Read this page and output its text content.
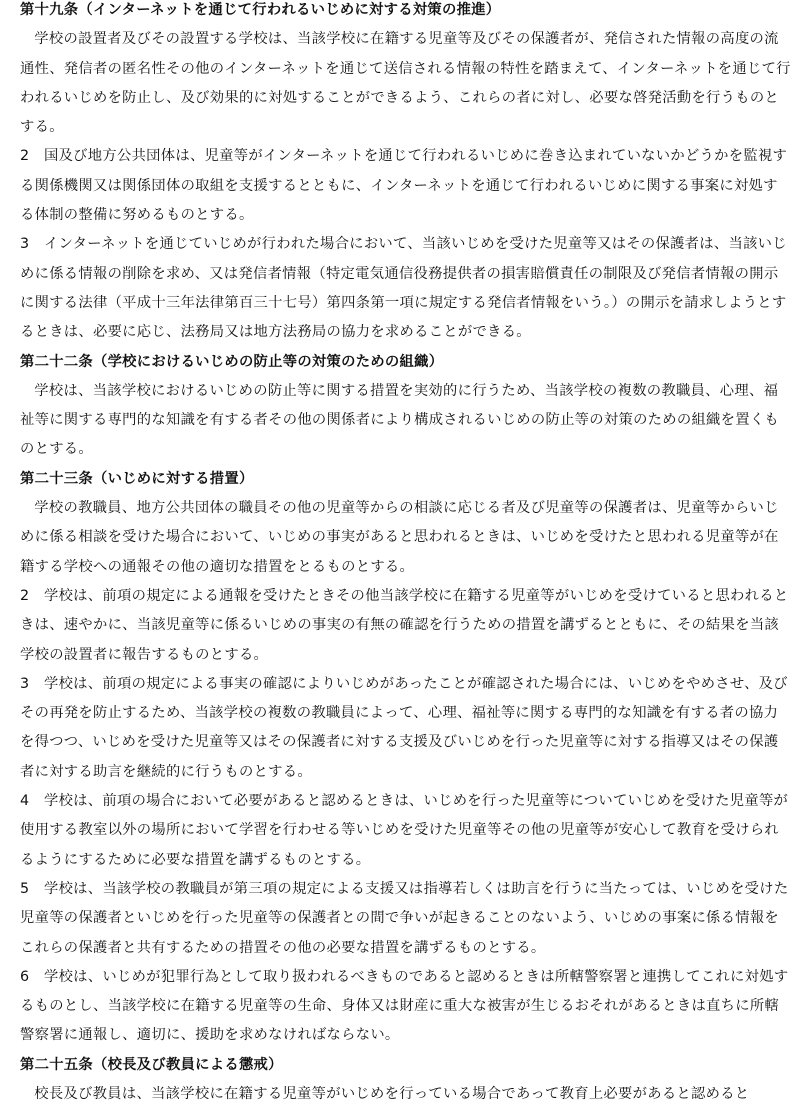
第十九条（インターネットを通じて行われるいじめに対する対策の推進）

学校の設置者及びその設置する学校は、当該学校に在籍する児童等及びその保護者が、発信された情報の高度の流通性、発信者の匿名性その他のインターネットを通じて送信される情報の特性を踏まえて、インターネットを通じて行われるいじめを防止し、及び効果的に対処することができるよう、これらの者に対し、必要な啓発活動を行うものとする。

2　国及び地方公共団体は、児童等がインターネットを通じて行われるいじめに巻き込まれていないかどうかを監視する関係機関又は関係団体の取組を支援するとともに、インターネットを通じて行われるいじめに関する事案に対処する体制の整備に努めるものとする。

3　インターネットを通じていじめが行われた場合において、当該いじめを受けた児童等又はその保護者は、当該いじめに係る情報の削除を求め、又は発信者情報（特定電気通信役務提供者の損害賠償責任の制限及び発信者情報の開示に関する法律（平成十三年法律第百三十七号）第四条第一項に規定する発信者情報をいう。）の開示を請求しようとするときは、必要に応じ、法務局又は地方法務局の協力を求めることができる。

第二十二条（学校におけるいじめの防止等の対策のための組織）

学校は、当該学校におけるいじめの防止等に関する措置を実効的に行うため、当該学校の複数の教職員、心理、福祉等に関する専門的な知識を有する者その他の関係者により構成されるいじめの防止等の対策のための組織を置くものとする。

第二十三条（いじめに対する措置）

学校の教職員、地方公共団体の職員その他の児童等からの相談に応じる者及び児童等の保護者は、児童等からいじめに係る相談を受けた場合において、いじめの事実があると思われるときは、いじめを受けたと思われる児童等が在籍する学校への通報その他の適切な措置をとるものとする。

2　学校は、前項の規定による通報を受けたときその他当該学校に在籍する児童等がいじめを受けていると思われるときは、速やかに、当該児童等に係るいじめの事実の有無の確認を行うための措置を講ずるとともに、その結果を当該学校の設置者に報告するものとする。

3　学校は、前項の規定による事実の確認によりいじめがあったことが確認された場合には、いじめをやめさせ、及びその再発を防止するため、当該学校の複数の教職員によって、心理、福祉等に関する専門的な知識を有する者の協力を得つつ、いじめを受けた児童等又はその保護者に対する支援及びいじめを行った児童等に対する指導又はその保護者に対する助言を継続的に行うものとする。

4　学校は、前項の場合において必要があると認めるときは、いじめを行った児童等についていじめを受けた児童等が使用する教室以外の場所において学習を行わせる等いじめを受けた児童等その他の児童等が安心して教育を受けられるようにするために必要な措置を講ずるものとする。

5　学校は、当該学校の教職員が第三項の規定による支援又は指導若しくは助言を行うに当たっては、いじめを受けた児童等の保護者といじめを行った児童等の保護者との間で争いが起きることのないよう、いじめの事案に係る情報をこれらの保護者と共有するための措置その他の必要な措置を講ずるものとする。

6　学校は、いじめが犯罪行為として取り扱われるべきものであると認めるときは所轄警察署と連携してこれに対処するものとし、当該学校に在籍する児童等の生命、身体又は財産に重大な被害が生じるおそれがあるときは直ちに所轄警察署に通報し、適切に、援助を求めなければならない。

第二十五条（校長及び教員による懲戒）

校長及び教員は、当該学校に在籍する児童等がいじめを行っている場合であって教育上必要があると認めると
